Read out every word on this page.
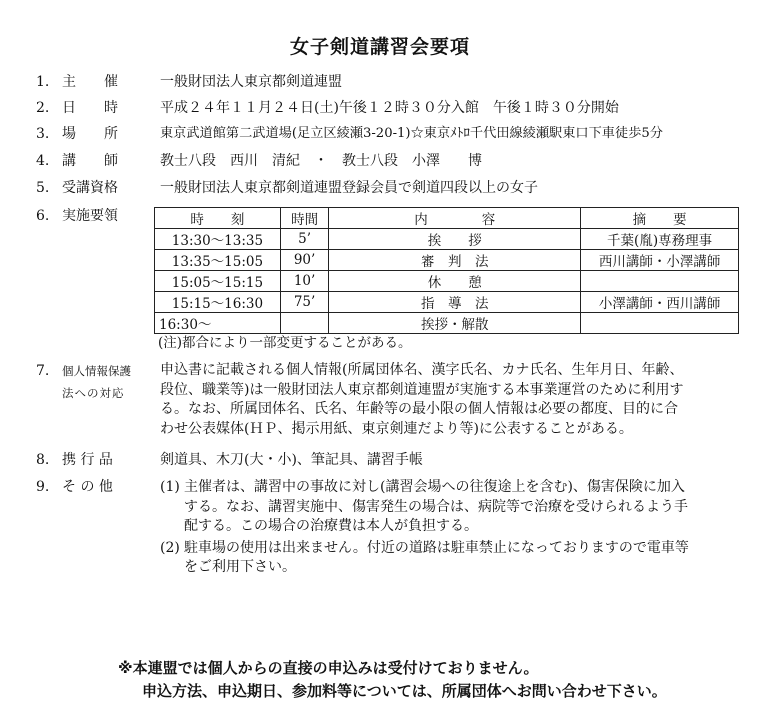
女子剣道講習会要項
1. 主　　催	一般財団法人東京都剣道連盟
2. 日　　時	平成２４年１１月２４日(土)午後１２時３０分入館　午後１時３０分開始
3. 場　　所	東京武道館第二武道場(足立区綾瀬3-20-1)☆東京ﾒﾄﾛ千代田線綾瀬駅東口下車徒歩5分
4. 講　　師	教士八段　西川　清紀　・　教士八段　小澤　　博
5. 受講資格	一般財団法人東京都剣道連盟登録会員で剣道四段以上の女子
6. 実施要領	時　　刻	時間	内　　　　容	摘　　要
13:30～13:35	5’	挨　　拶	千葉(胤)専務理事
13:35～15:05	90’	審　判　法	西川講師・小澤講師
15:05～15:15	10’	休　　憩	
15:15～16:30	75’	指　導　法	小澤講師・西川講師
16:30～		挨拶・解散	
(注)都合により一部変更することがある。
7. 個人情報保護
法への対応

申込書に記載される個人情報(所属団体名、漢字氏名、カナ氏名、生年月日、年齢、

段位、職業等)は一般財団法人東京都剣道連盟が実施する本事業運営のために利用す

る。なお、所属団体名、氏名、年齢等の最小限の個人情報は必要の都度、目的に合

わせ公表媒体(ＨＰ、掲示用紙、東京剣連だより等)に公表することがある。

8. 携 行 品	剣道具、木刀(大・小)、筆記具、講習手帳
9. そ の 他	(1) 主催者は、講習中の事故に対し(講習会場への往復途上を含む)、傷害保険に加入
する。なお、講習実施中、傷害発生の場合は、病院等で治療を受けられるよう手
配する。この場合の治療費は本人が負担する。
(2) 駐車場の使用は出来ません。付近の道路は駐車禁止になっておりますので電車等
をご利用下さい。
※本連盟では個人からの直接の申込みは受付けておりません。
申込方法、申込期日、参加料等については、所属団体へお問い合わせ下さい。
